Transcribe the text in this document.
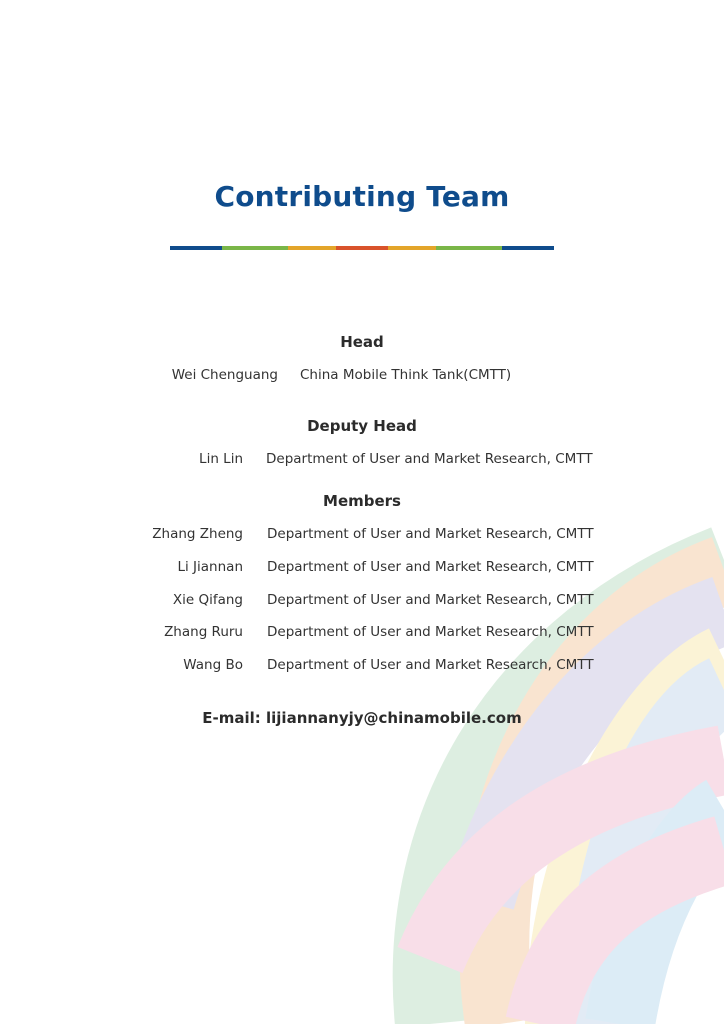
Contributing Team
Head
Wei Chenguang China Mobile Think Tank(CMTT)
Deputy Head
Lin Lin Department of User and Market Research, CMTT
Members
Zhang Zheng Department of User and Market Research, CMTT
Li Jiannan Department of User and Market Research, CMTT
Xie Qifang Department of User and Market Research, CMTT
Zhang Ruru Department of User and Market Research, CMTT
Wang Bo Department of User and Market Research, CMTT
E-mail: lijiannanyjy@chinamobile.com
